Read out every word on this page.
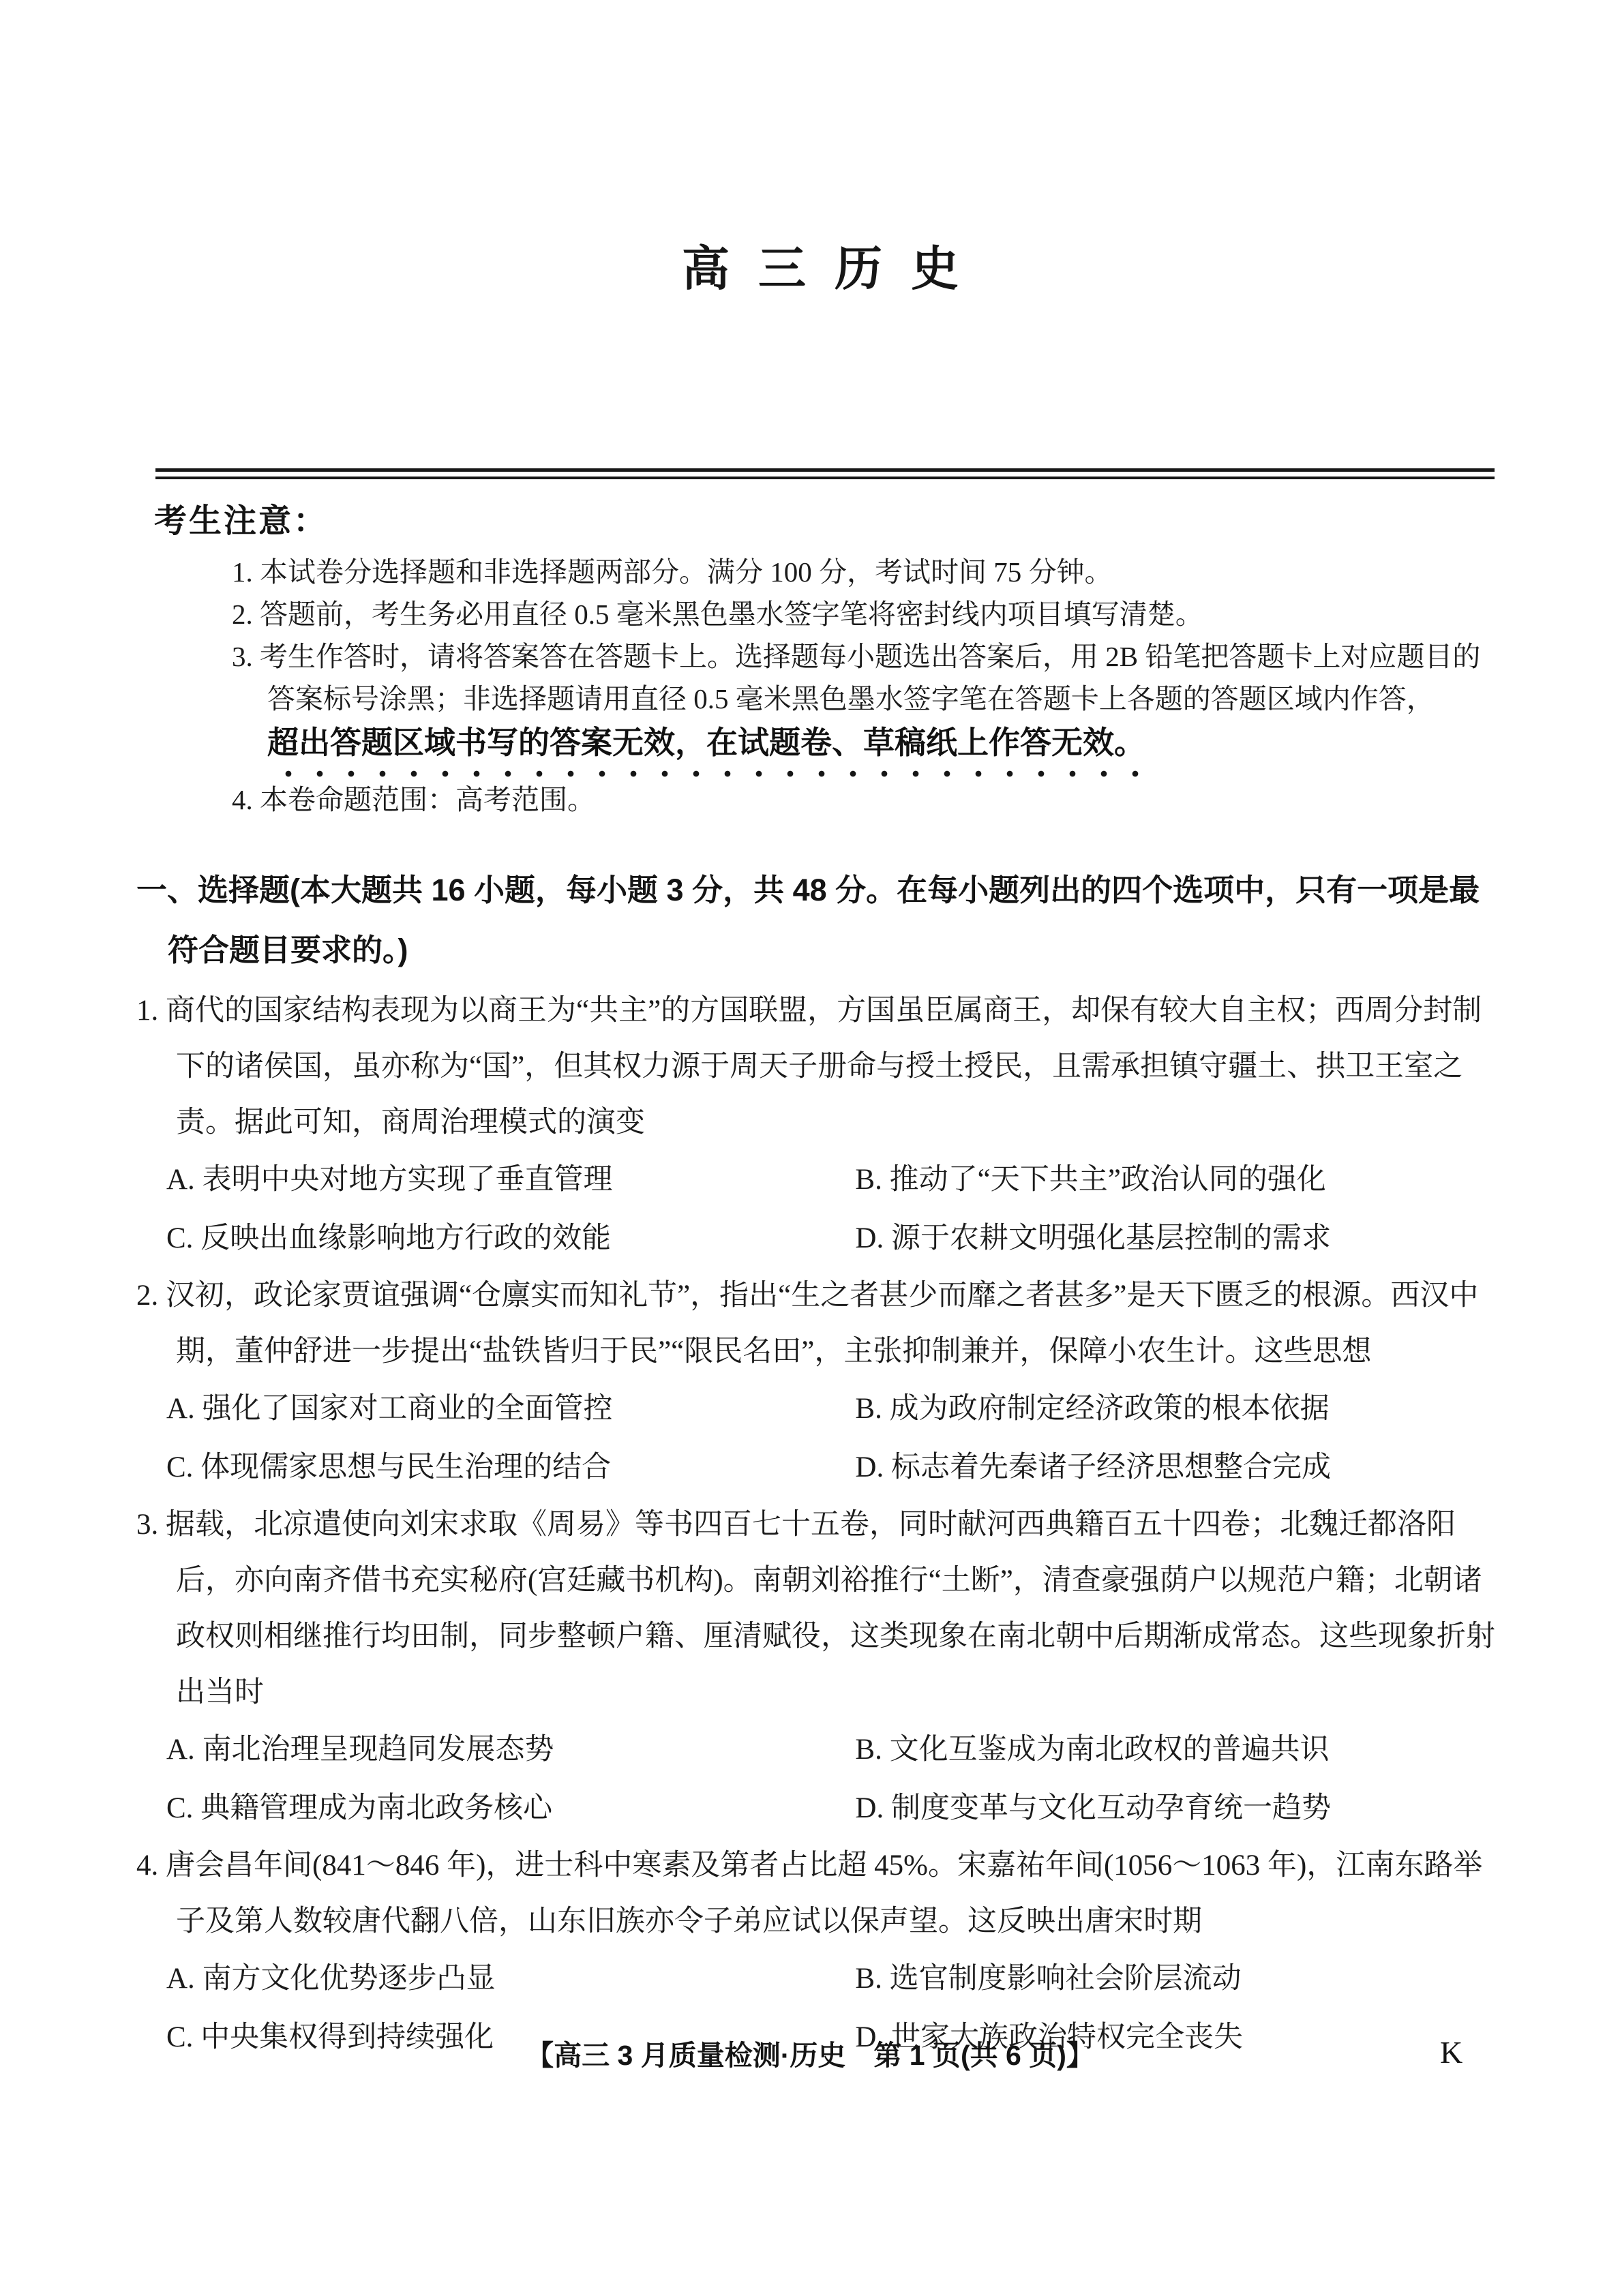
高三历史
考生注意：

1. 本试卷分选择题和非选择题两部分。满分 100 分，考试时间 75 分钟。

2. 答题前，考生务必用直径 0.5 毫米黑色墨水签字笔将密封线内项目填写清楚。

3. 考生作答时，请将答案答在答题卡上。选择题每小题选出答案后，用 2B 铅笔把答题卡上对应题目的答案标号涂黑；非选择题请用直径 0.5 毫米黑色墨水签字笔在答题卡上各题的答题区域内作答，
超出答题区域书写的答案无效，在试题卷、草稿纸上作答无效。

4. 本卷命题范围：高考范围。

一、选择题(本大题共 16 小题，每小题 3 分，共 48 分。在每小题列出的四个选项中，只有一项是最符合题目要求的。)

1. 商代的国家结构表现为以商王为“共主”的方国联盟，方国虽臣属商王，却保有较大自主权；西周分封制下的诸侯国，虽亦称为“国”，但其权力源于周天子册命与授土授民，且需承担镇守疆土、拱卫王室之责。据此可知，商周治理模式的演变

A. 表明中央对地方实现了垂直管理	B. 推动了“天下共主”政治认同的强化

C. 反映出血缘影响地方行政的效能	D. 源于农耕文明强化基层控制的需求

2. 汉初，政论家贾谊强调“仓廪实而知礼节”，指出“生之者甚少而靡之者甚多”是天下匮乏的根源。西汉中期，董仲舒进一步提出“盐铁皆归于民”“限民名田”，主张抑制兼并，保障小农生计。这些思想

A. 强化了国家对工商业的全面管控	B. 成为政府制定经济政策的根本依据

C. 体现儒家思想与民生治理的结合	D. 标志着先秦诸子经济思想整合完成

3. 据载，北凉遣使向刘宋求取《周易》等书四百七十五卷，同时献河西典籍百五十四卷；北魏迁都洛阳后，亦向南齐借书充实秘府(宫廷藏书机构)。南朝刘裕推行“土断”，清查豪强荫户以规范户籍；北朝诸政权则相继推行均田制，同步整顿户籍、厘清赋役，这类现象在南北朝中后期渐成常态。这些现象折射出当时

A. 南北治理呈现趋同发展态势	B. 文化互鉴成为南北政权的普遍共识

C. 典籍管理成为南北政务核心	D. 制度变革与文化互动孕育统一趋势

4. 唐会昌年间(841～846 年)，进士科中寒素及第者占比超 45%。宋嘉祐年间(1056～1063 年)，江南东路举子及第人数较唐代翻八倍，山东旧族亦令子弟应试以保声望。这反映出唐宋时期

A. 南方文化优势逐步凸显	B. 选官制度影响社会阶层流动

C. 中央集权得到持续强化	D. 世家大族政治特权完全丧失

【高三 3 月质量检测·历史　第 1 页(共 6 页)】	K
